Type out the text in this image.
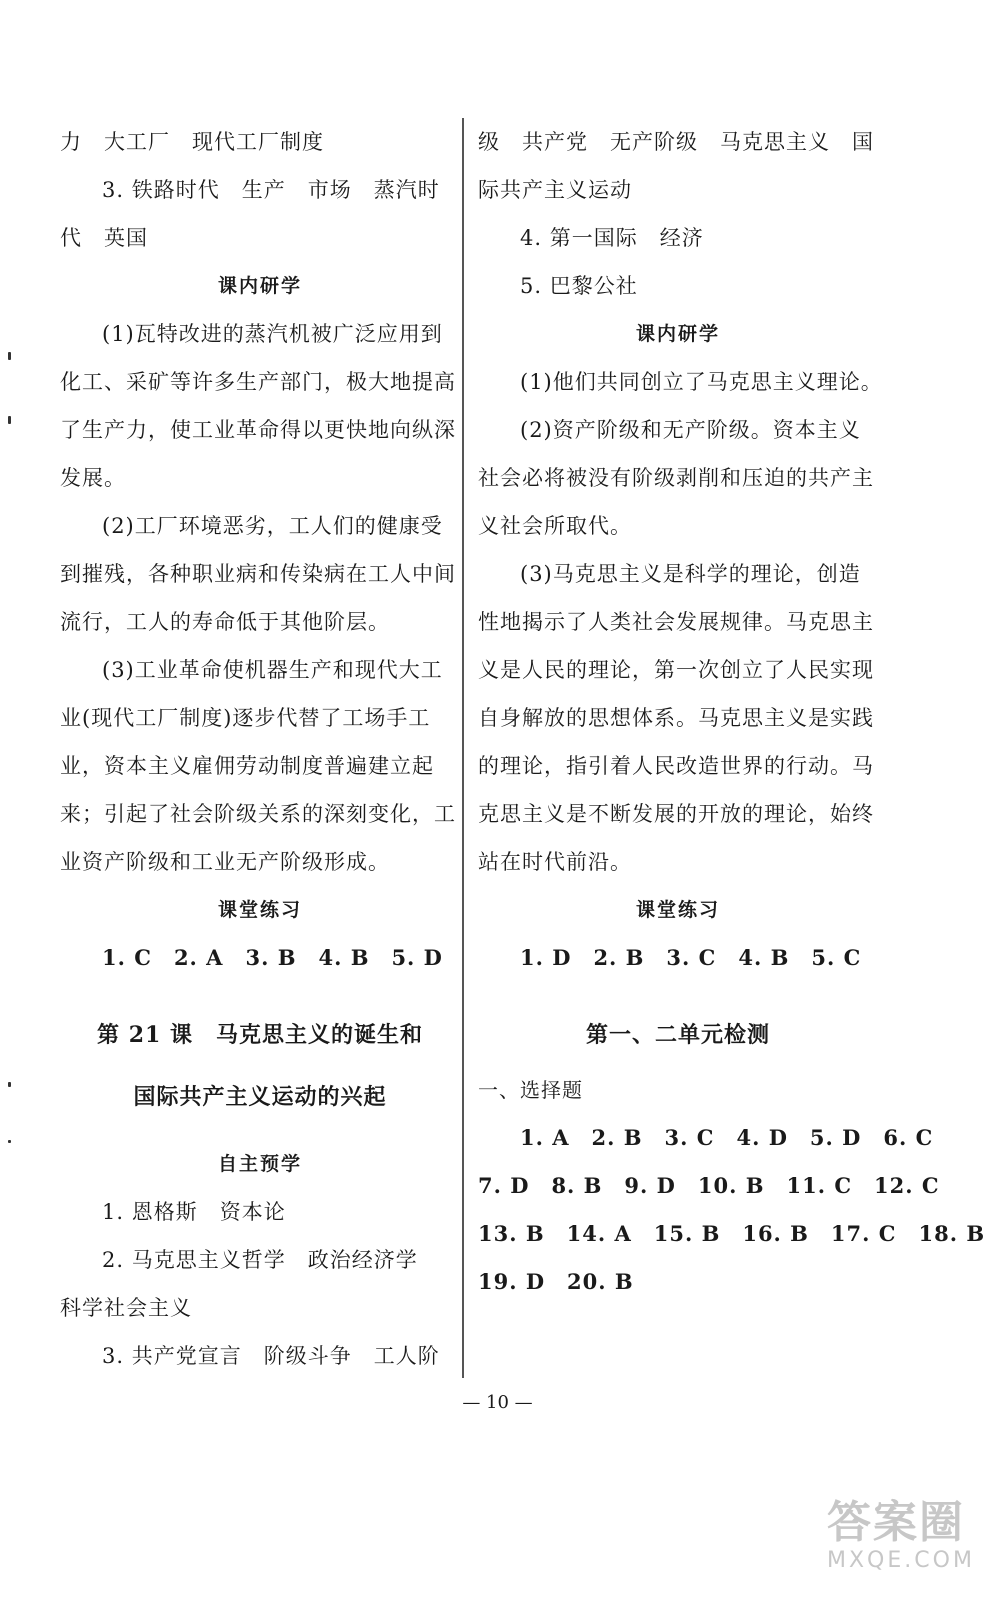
力　大工厂　现代工厂制度
3. 铁路时代　生产　市场　蒸汽时
代　英国
课内研学
(1)瓦特改进的蒸汽机被广泛应用到
化工、采矿等许多生产部门，极大地提高
了生产力，使工业革命得以更快地向纵深
发展。
(2)工厂环境恶劣，工人们的健康受
到摧残，各种职业病和传染病在工人中间
流行，工人的寿命低于其他阶层。
(3)工业革命使机器生产和现代大工
业(现代工厂制度)逐步代替了工场手工
业，资本主义雇佣劳动制度普遍建立起
来；引起了社会阶级关系的深刻变化，工
业资产阶级和工业无产阶级形成。
课堂练习
1. C　2. A　3. B　4. B　5. D
第 21 课　马克思主义的诞生和
国际共产主义运动的兴起
自主预学
1. 恩格斯　资本论
2. 马克思主义哲学　政治经济学
科学社会主义
3. 共产党宣言　阶级斗争　工人阶
级　共产党　无产阶级　马克思主义　国
际共产主义运动
4. 第一国际　经济
5. 巴黎公社
课内研学
(1)他们共同创立了马克思主义理论。
(2)资产阶级和无产阶级。资本主义
社会必将被没有阶级剥削和压迫的共产主
义社会所取代。
(3)马克思主义是科学的理论，创造
性地揭示了人类社会发展规律。马克思主
义是人民的理论，第一次创立了人民实现
自身解放的思想体系。马克思主义是实践
的理论，指引着人民改造世界的行动。马
克思主义是不断发展的开放的理论，始终
站在时代前沿。
课堂练习
1. D　2. B　3. C　4. B　5. C
第一、二单元检测
一、选择题
1. A　2. B　3. C　4. D　5. D　6. C
7. D　8. B　9. D　10. B　11. C　12. C
13. B　14. A　15. B　16. B　17. C　18. B
19. D　20. B
— 10 —
答案圈
MXQE.COM
